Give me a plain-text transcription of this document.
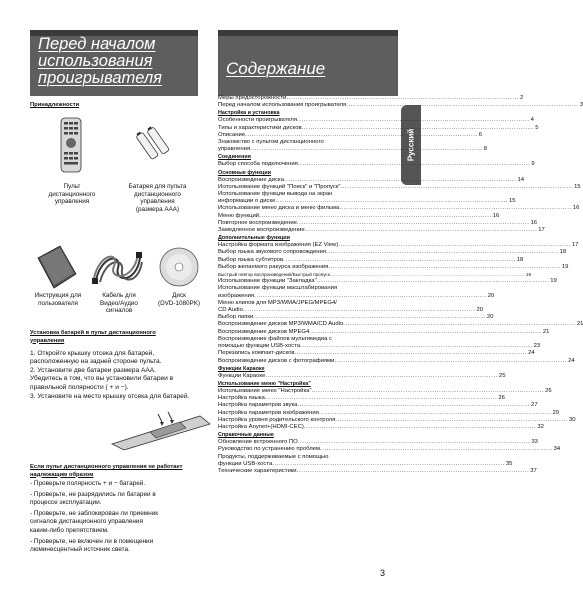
Перед началом
использования
проигрывателя	Содержание
Русский
Принадлежности
Пульт
дистанционного
управления
Батарея для пульта
дистанционного
управления
(размера ААА)
Инструкция для
пользователя
Кабель для
Видео/Аудио
сигналов
Диск
(DVD-1080PK)
Установка батарей в пульт дистанционного
управления
1. Откройте крышку отсека для батарей,
расположенную на задней стороне пульта.
2. Установите две батареи размера ААА.
Убедитесь в том, что вы установили батареи в
правильной полярности ( + и −).
3. Установите на место крышку отсека для батарей.
Если пульт дистанционного управления не работает
надлежащим образом
- Проверьте полярность + и − батарей.
- Проверьте, не разрядились ли батареи в
процессе эксплуатации.
- Проверьте, не заблокирован ли приемник
сигналов дистанционного управления
каким-либо препятствием.
- Проверьте, не включен ли в помещении
люминесцентный источник света.
Меры предосторожности .....	2
Перед началом использования проигрывателя .....	3
Настройка и установка
Особенности проигрывателя .....	4
Типы и характеристики дисков .....	5
Описание .....	6
Знакомство с пультом дистанционного
управления .....	8
Соединения
Выбор способа подключения .....	9
Основные функции
Воспроизведение диска .....	14
Использование функций "Поиск" и "Пропуск" .....	15
Использование функции вывода на экран
информации о диске .....	15
Использование меню диска и меню фильма .....	16
Меню функций .....	16
Повторное воспроизведение .....	16
Замедленное воспроизведение .....	17
Дополнительные функции
Настройка формата изображения (EZ View) .....	17
Выбор языка звукового сопровождения .....	18
Выбор языка субтитров .....	18
Выбор желаемого ракурса изображения .....	19
Быстрый повтор воспроизведения/Быстрый пропуск .....	19
Использование функции "Закладка" .....	19
Использование функции масштабирования
изображения .....	20
Меню клипов для MP3/WMA/JPEG/MPEG4/
CD Audio .....	20
Выбор папки .....	20
Воспроизведение дисков MP3/WMA/CD Audio .....	21
Воспроизведение дисков MPEG4 .....	21
Воспроизведение файлов мультимедиа с
помощью функции USB-хоста .....	23
Перезапись компакт-дисков .....	24
Воспроизведение дисков с фотографиями .....	24
Функции Караоке
Функции Караоке .....	25
Использование меню "Настройка"
Использование меню "Настройка" .....	26
Настройка языка .....	26
Настройка параметров звука .....	27
Настройка параметров изображения .....	29
Настройка уровня родительского контроля .....	30
Настройка Anynet+(HDMI-CEC) .....	32
Справочные данные
Обновление встроенного ПО .....	33
Руководство по устранению проблем .....	34
Продукты, поддерживаемые с помощью
функции USB-хоста .....	35
Технические характеристики .....	37
3
